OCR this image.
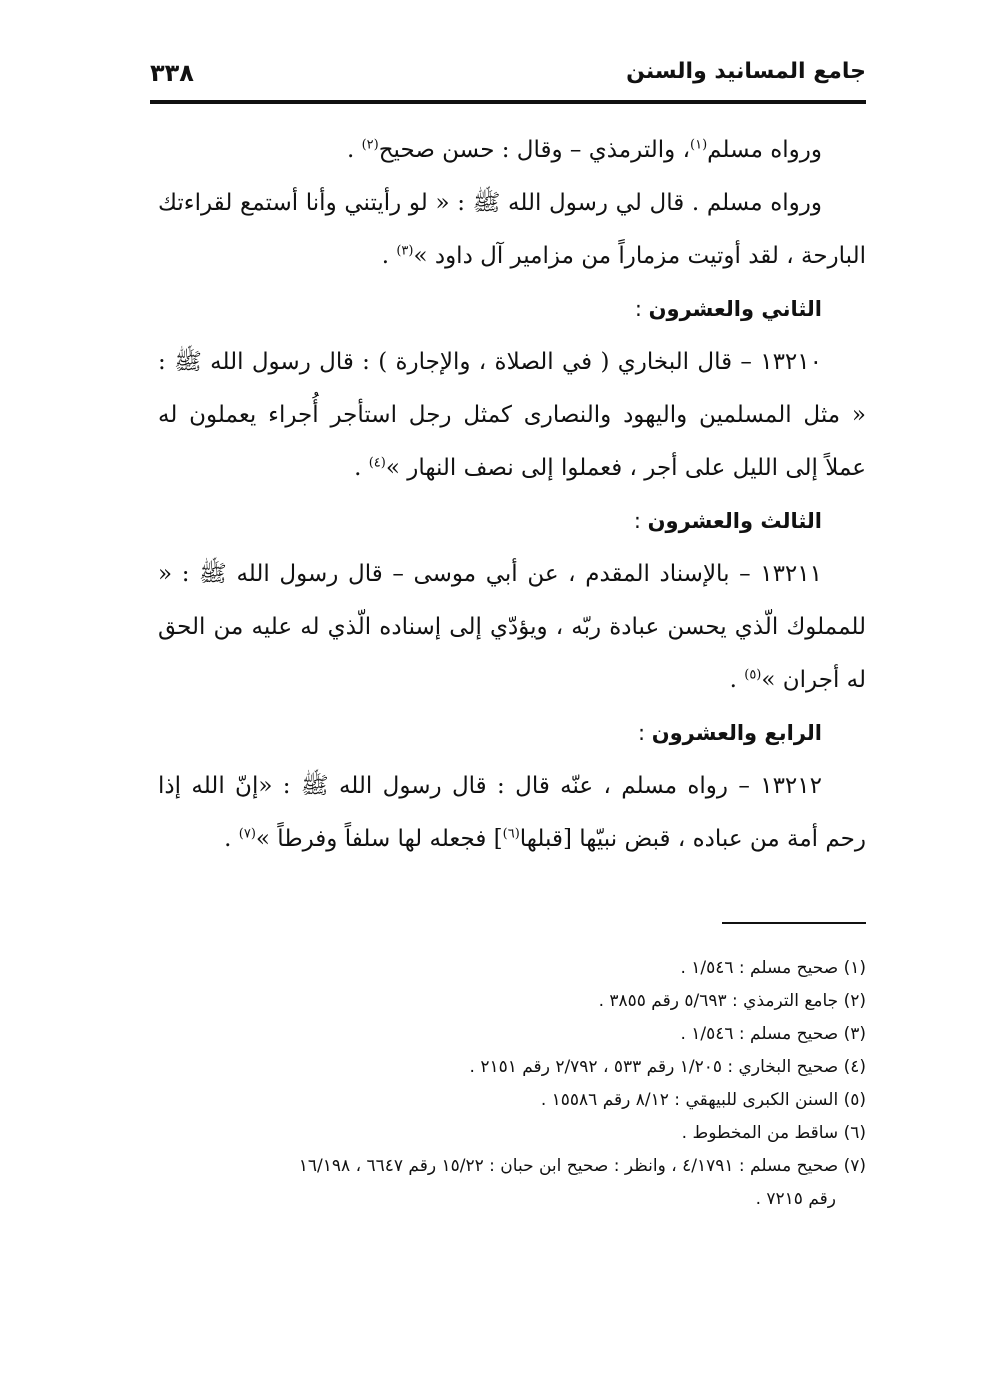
جامع المسانيد والسنن
٣٣٨

ورواه مسلم$^{(١)}$، والترمذي – وقال : حسن صحيح$^{(٢)}$ .

ورواه مسلم . قال لي رسول الله ﷺ : « لو رأيتني وأنا أستمع لقراءتك البارحة ، لقد أوتيت مزماراً من مزامير آل داود »$^{(٣)}$ .

الثاني والعشرون :

١٣٢١٠ – قال البخاري ( في الصلاة ، والإجارة ) : قال رسول الله ﷺ : « مثل المسلمين واليهود والنصارى كمثل رجل استأجر أُجراء يعملون له عملاً إلى الليل على أجر ، فعملوا إلى نصف النهار »$^{(٤)}$ .

الثالث والعشرون :

١٣٢١١ – بالإسناد المقدم ، عن أبي موسى – قال رسول الله ﷺ : « للمملوك الّذي يحسن عبادة ربّه ، ويؤدّي إلى إسناده الّذي له عليه من الحق له أجران »$^{(٥)}$ .

الرابع والعشرون :

١٣٢١٢ – رواه مسلم ، عنّه قال : قال رسول الله ﷺ : «إنّ الله إذا رحم أمة من عباده ، قبض نبيّها [قبلها$^{(٦)}$] فجعله لها سلفاً وفرطاً »$^{(٧)}$ .

(١) صحيح مسلم : ١/٥٤٦ .

(٢) جامع الترمذي : ٥/٦٩٣ رقم ٣٨٥٥ .

(٣) صحيح مسلم : ١/٥٤٦ .

(٤) صحيح البخاري : ١/٢٠٥ رقم ٥٣٣ ، ٢/٧٩٢ رقم ٢١٥١ .

(٥) السنن الكبرى للبيهقي : ٨/١٢ رقم ١٥٥٨٦ .

(٦) ساقط من المخطوط .

(٧) صحيح مسلم : ٤/١٧٩١ ، وانظر : صحيح ابن حبان : ١٥/٢٢ رقم ٦٦٤٧ ، ١٦/١٩٨

رقم ٧٢١٥ .
